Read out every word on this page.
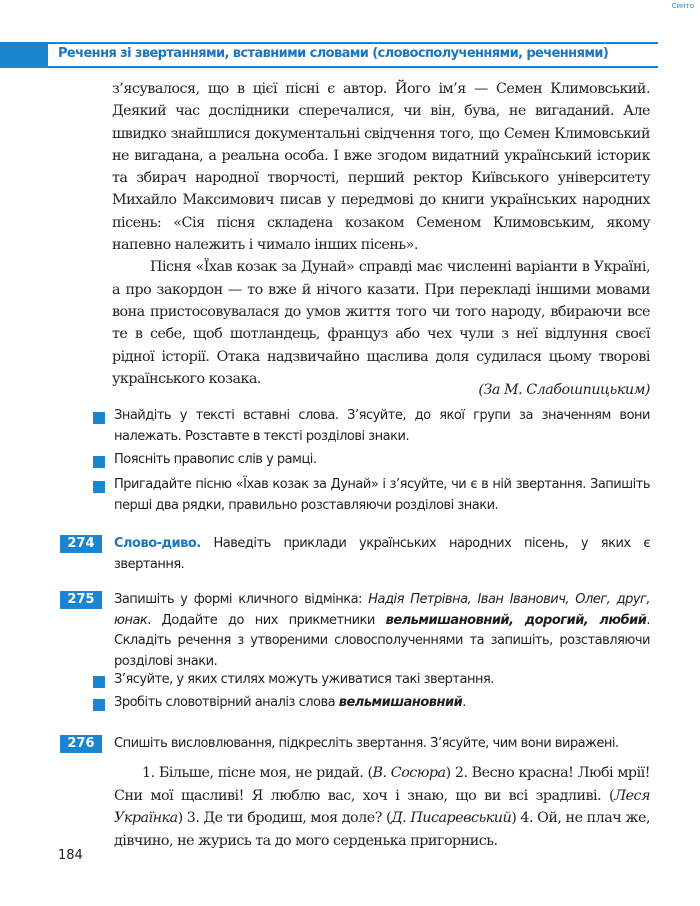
Синто
Речення зі звертаннями, вставними словами (словосполученнями, реченнями)

з’ясувалося, що в цієї пісні є автор. Його ім’я — Семен Климовський. Деякий час дослідники сперечалися, чи він, бува, не вигаданий. Але швидко знайшлися документальні свідчення того, що Семен Климовський не вигадана, а реальна особа. І вже згодом видатний український історик та збирач народної творчості, перший ректор Київського університету Михайло Максимович писав у передмові до книги українських народних пісень: «Сія пісня складена козаком Семеном Климовським, якому напевно належить і чимало інших пісень».

Пісня «Їхав козак за Дунай» справді має численні варіанти в Україні, а про закордон — то вже й нічого казати. При перекладі іншими мовами вона пристосовувалася до умов життя того чи того народу, вбираючи все те в себе, щоб шотландець, француз або чех чули з неї відлуння своєї рідної історії. Отака надзвичайно щаслива доля судилася цьому творові українського козака.

(За М. Слабошпицьким)

Знайдіть у тексті вставні слова. З’ясуйте, до якої групи за значенням вони належать. Розставте в тексті розділові знаки.

Поясніть правопис слів у рамці.

Пригадайте пісню «Їхав козак за Дунай» і з’ясуйте, чи є в ній звертання. Запишіть перші два рядки, правильно розставляючи розділові знаки.

274	Слово-диво. Наведіть приклади українських народних пісень, у яких є звертання.

275	Запишіть у формі кличного відмінка: Надія Петрівна, Іван Іванович, Олег, друг, юнак. Додайте до них прикметники вельмишановний, дорогий, любий. Складіть речення з утвореними словосполученнями та запишіть, розставляючи розділові знаки.

З’ясуйте, у яких стилях можуть уживатися такі звертання.

Зробіть словотвірний аналіз слова вельмишановний.

276	Спишіть висловлювання, підкресліть звертання. З’ясуйте, чим вони виражені.

1. Більше, пісне моя, не ридай. (В. Сосюра) 2. Весно красна! Любі мрії! Сни мої щасливі! Я люблю вас, хоч і знаю, що ви всі зрадливі. (Леся Українка) 3. Де ти бродиш, моя доле? (Д. Писаревський) 4. Ой, не плач же, дівчино, не журись та до мого серденька пригорнись.

184
